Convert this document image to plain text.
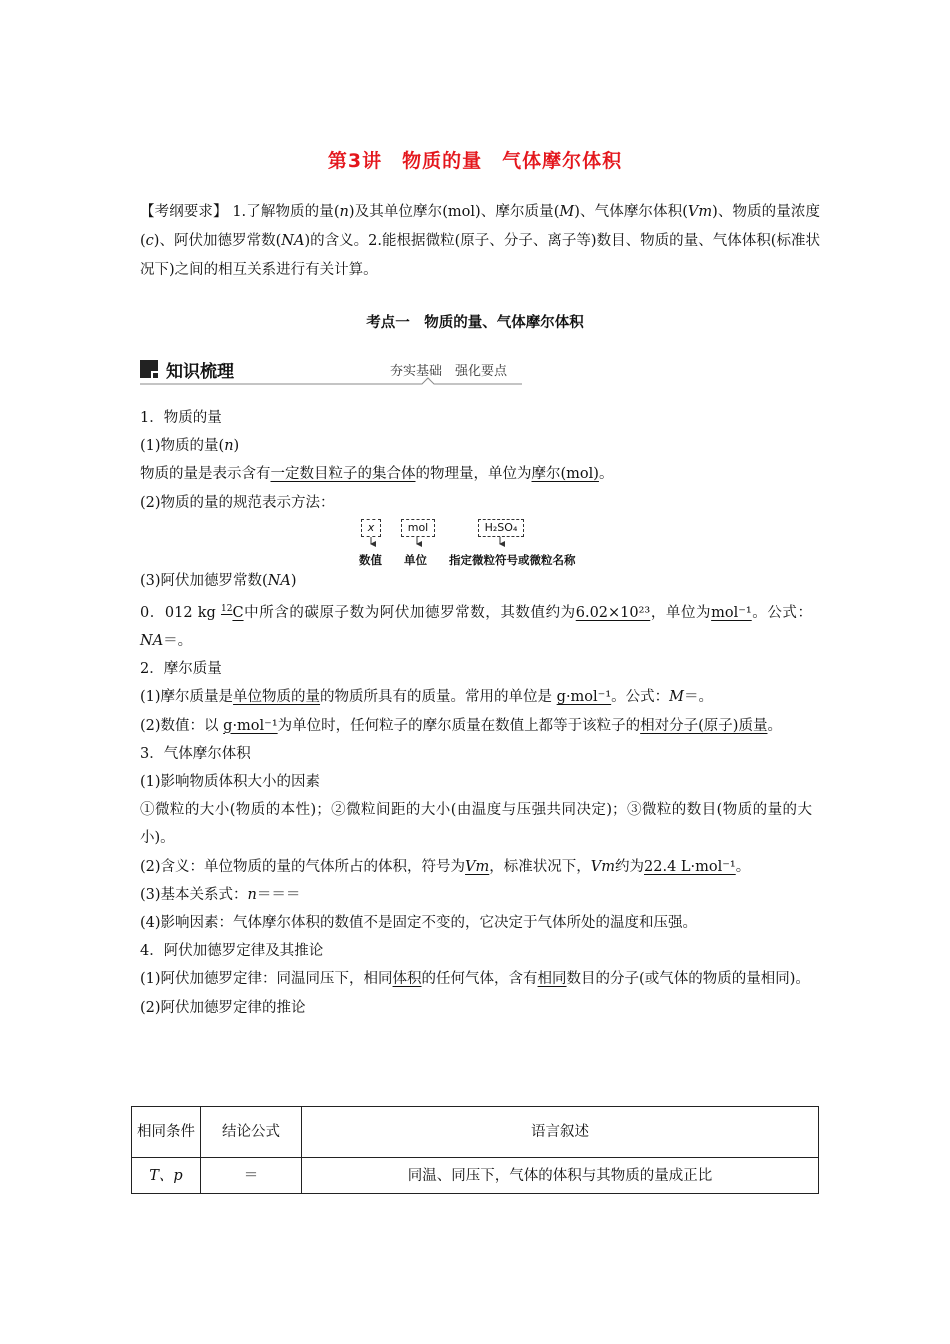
第3讲　物质的量　气体摩尔体积
【考纲要求】 1.了解物质的量(n)及其单位摩尔(mol)、摩尔质量(M)、气体摩尔体积(Vm)、物质的量浓度(c)、阿伏加德罗常数(NA)的含义。2.能根据微粒(原子、分子、离子等)数目、物质的量、气体体积(标准状况下)之间的相互关系进行有关计算。
考点一　物质的量、气体摩尔体积
知识梳理	夯实基础　强化要点

1．物质的量

(1)物质的量(n)

物质的量是表示含有一定数目粒子的集合体的物理量，单位为摩尔(mol)。

(2)物质的量的规范表示方法：

x	mol	H₂SO₄
数值 单位 指定微粒符号或微粒名称

(3)阿伏加德罗常数(NA)

0．012 kg $^{12}$C中所含的碳原子数为阿伏加德罗常数，其数值约为6.02×10²³，单位为mol⁻¹。公式：NA＝。

2．摩尔质量

(1)摩尔质量是单位物质的量的物质所具有的质量。常用的单位是 g·mol⁻¹。公式：M＝。

(2)数值：以 g·mol⁻¹为单位时，任何粒子的摩尔质量在数值上都等于该粒子的相对分子(原子)质量。

3．气体摩尔体积

(1)影响物质体积大小的因素

①微粒的大小(物质的本性)；②微粒间距的大小(由温度与压强共同决定)；③微粒的数目(物质的量的大小)。

(2)含义：单位物质的量的气体所占的体积，符号为Vm，标准状况下，Vm约为22.4 L·mol⁻¹。

(3)基本关系式：n＝＝＝

(4)影响因素：气体摩尔体积的数值不是固定不变的，它决定于气体所处的温度和压强。

4．阿伏加德罗定律及其推论

(1)阿伏加德罗定律：同温同压下，相同体积的任何气体，含有相同数目的分子(或气体的物质的量相同)。

(2)阿伏加德罗定律的推论

相同条件	结论公式	语言叙述
T、p	＝	同温、同压下，气体的体积与其物质的量成正比
